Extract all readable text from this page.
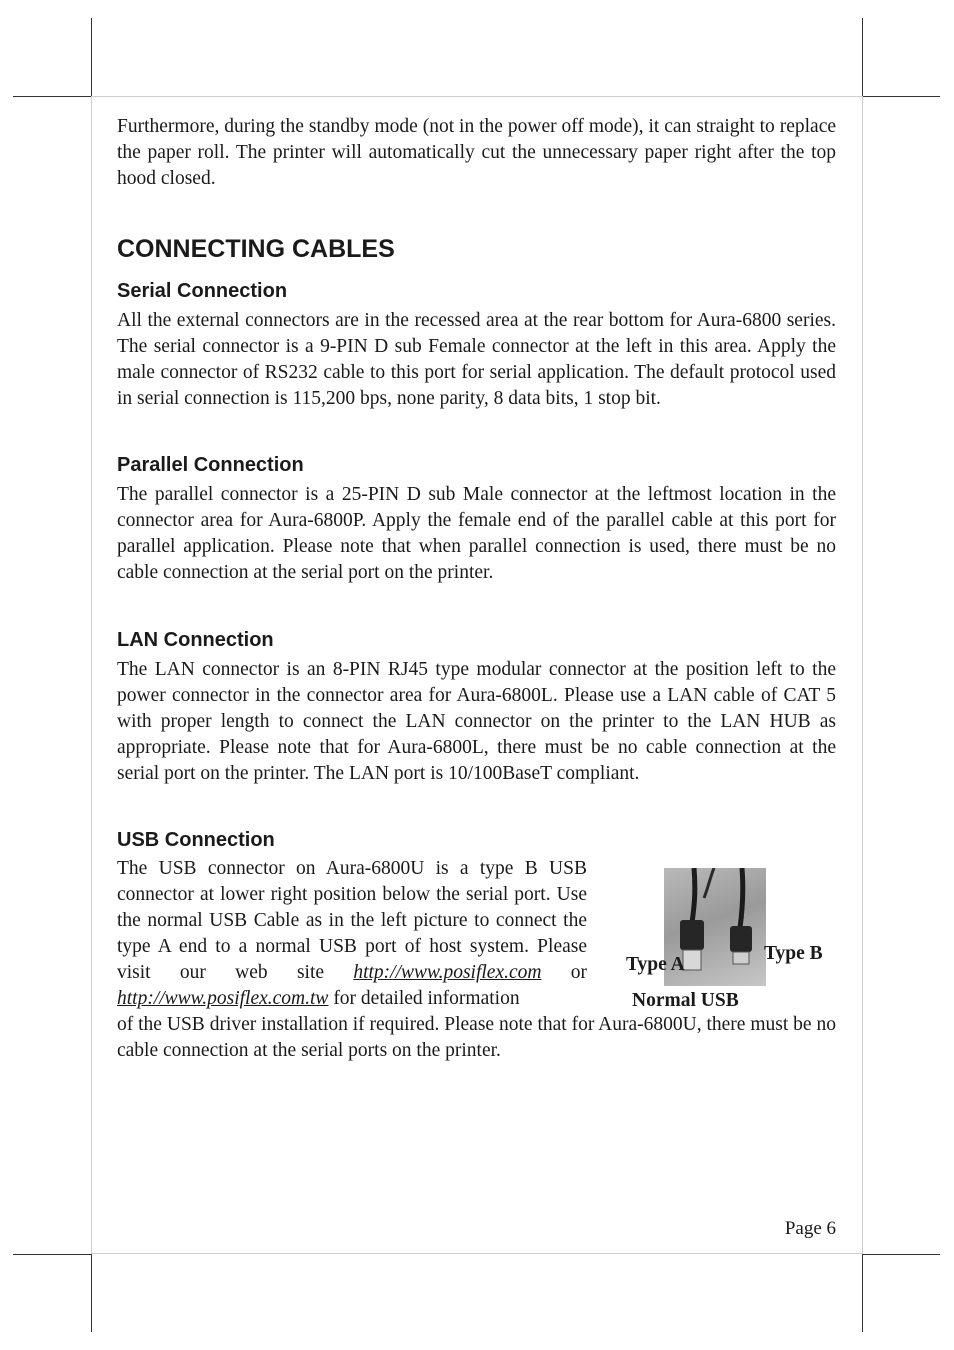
Furthermore, during the standby mode (not in the power off mode), it can straight to replace the paper roll. The printer will automatically cut the unnecessary paper right after the top hood closed.

CONNECTING CABLES
Serial Connection

All the external connectors are in the recessed area at the rear bottom for Aura-6800 series. The serial connector is a 9-PIN D sub Female connector at the left in this area. Apply the male connector of RS232 cable to this port for serial application. The default protocol used in serial connection is 115,200 bps, none parity, 8 data bits, 1 stop bit.

Parallel Connection

The parallel connector is a 25-PIN D sub Male connector at the leftmost location in the connector area for Aura-6800P. Apply the female end of the parallel cable at this port for parallel application. Please note that when parallel connection is used, there must be no cable connection at the serial port on the printer.

LAN Connection

The LAN connector is an 8-PIN RJ45 type modular connector at the position left to the power connector in the connector area for Aura-6800L. Please use a LAN cable of CAT 5 with proper length to connect the LAN connector on the printer to the LAN HUB as appropriate. Please note that for Aura-6800L, there must be no cable connection at the serial port on the printer. The LAN port is 10/100BaseT compliant.

USB Connection

The USB connector on Aura-6800U is a type B USB connector at lower right position below the serial port. Use the normal USB Cable as in the left picture to connect the type A end to a normal USB port of host system. Please visit our web site http://www.posiflex.com or http://www.posiflex.com.tw for detailed information

of the USB driver installation if required. Please note that for Aura-6800U, there must be no cable connection at the serial ports on the printer.

Type A
Type B
Normal USB
Page 6
